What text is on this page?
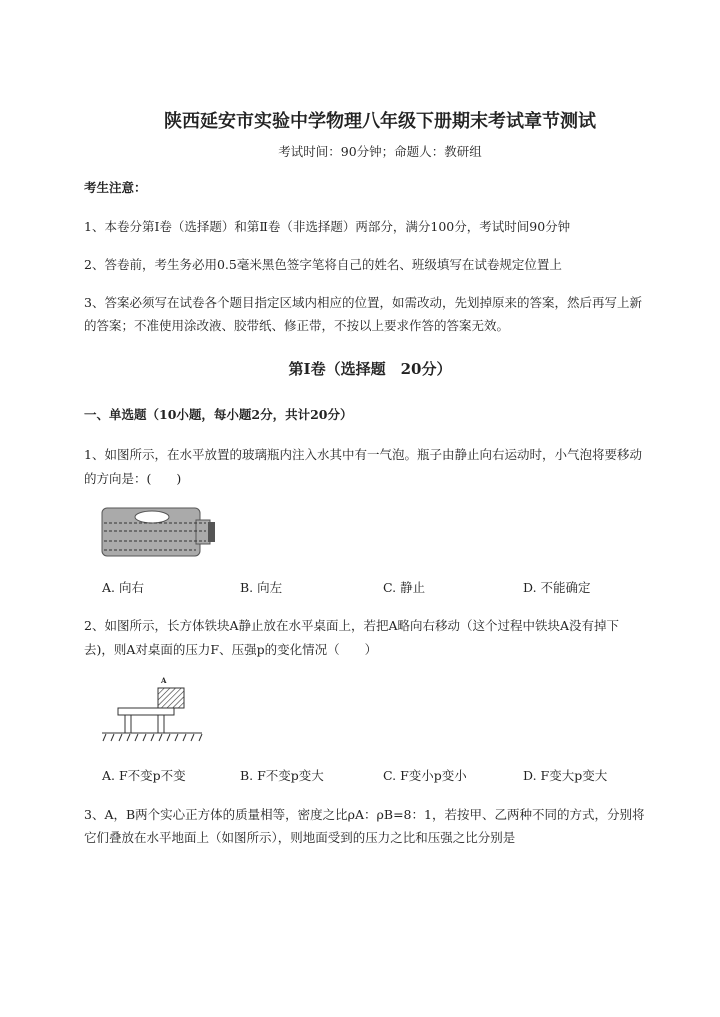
陕西延安市实验中学物理八年级下册期末考试章节测试
考试时间：90分钟；命题人：教研组
考生注意：
1、本卷分第Ⅰ卷（选择题）和第Ⅱ卷（非选择题）两部分，满分100分，考试时间90分钟
2、答卷前，考生务必用0.5毫米黑色签字笔将自己的姓名、班级填写在试卷规定位置上
3、答案必须写在试卷各个题目指定区域内相应的位置，如需改动，先划掉原来的答案，然后再写上新
的答案；不准使用涂改液、胶带纸、修正带，不按以上要求作答的答案无效。
第Ⅰ卷（选择题　20分）
一、单选题（10小题，每小题2分，共计20分）
1、如图所示，在水平放置的玻璃瓶内注入水其中有一气泡。瓶子由静止向右运动时，小气泡将要移动
的方向是：(　　)
A. 向右	B. 向左	C. 静止	D. 不能确定
2、如图所示，长方体铁块A静止放在水平桌面上，若把A略向右移动（这个过程中铁块A没有掉下
去)，则A对桌面的压力F、压强p的变化情况（　　）
A
A. F不变p不变	B. F不变p变大	C. F变小p变小	D. F变大p变大
3、A，B两个实心正方体的质量相等，密度之比ρA：ρB=8：1，若按甲、乙两种不同的方式，分别将
它们叠放在水平地面上（如图所示），则地面受到的压力之比和压强之比分别是
